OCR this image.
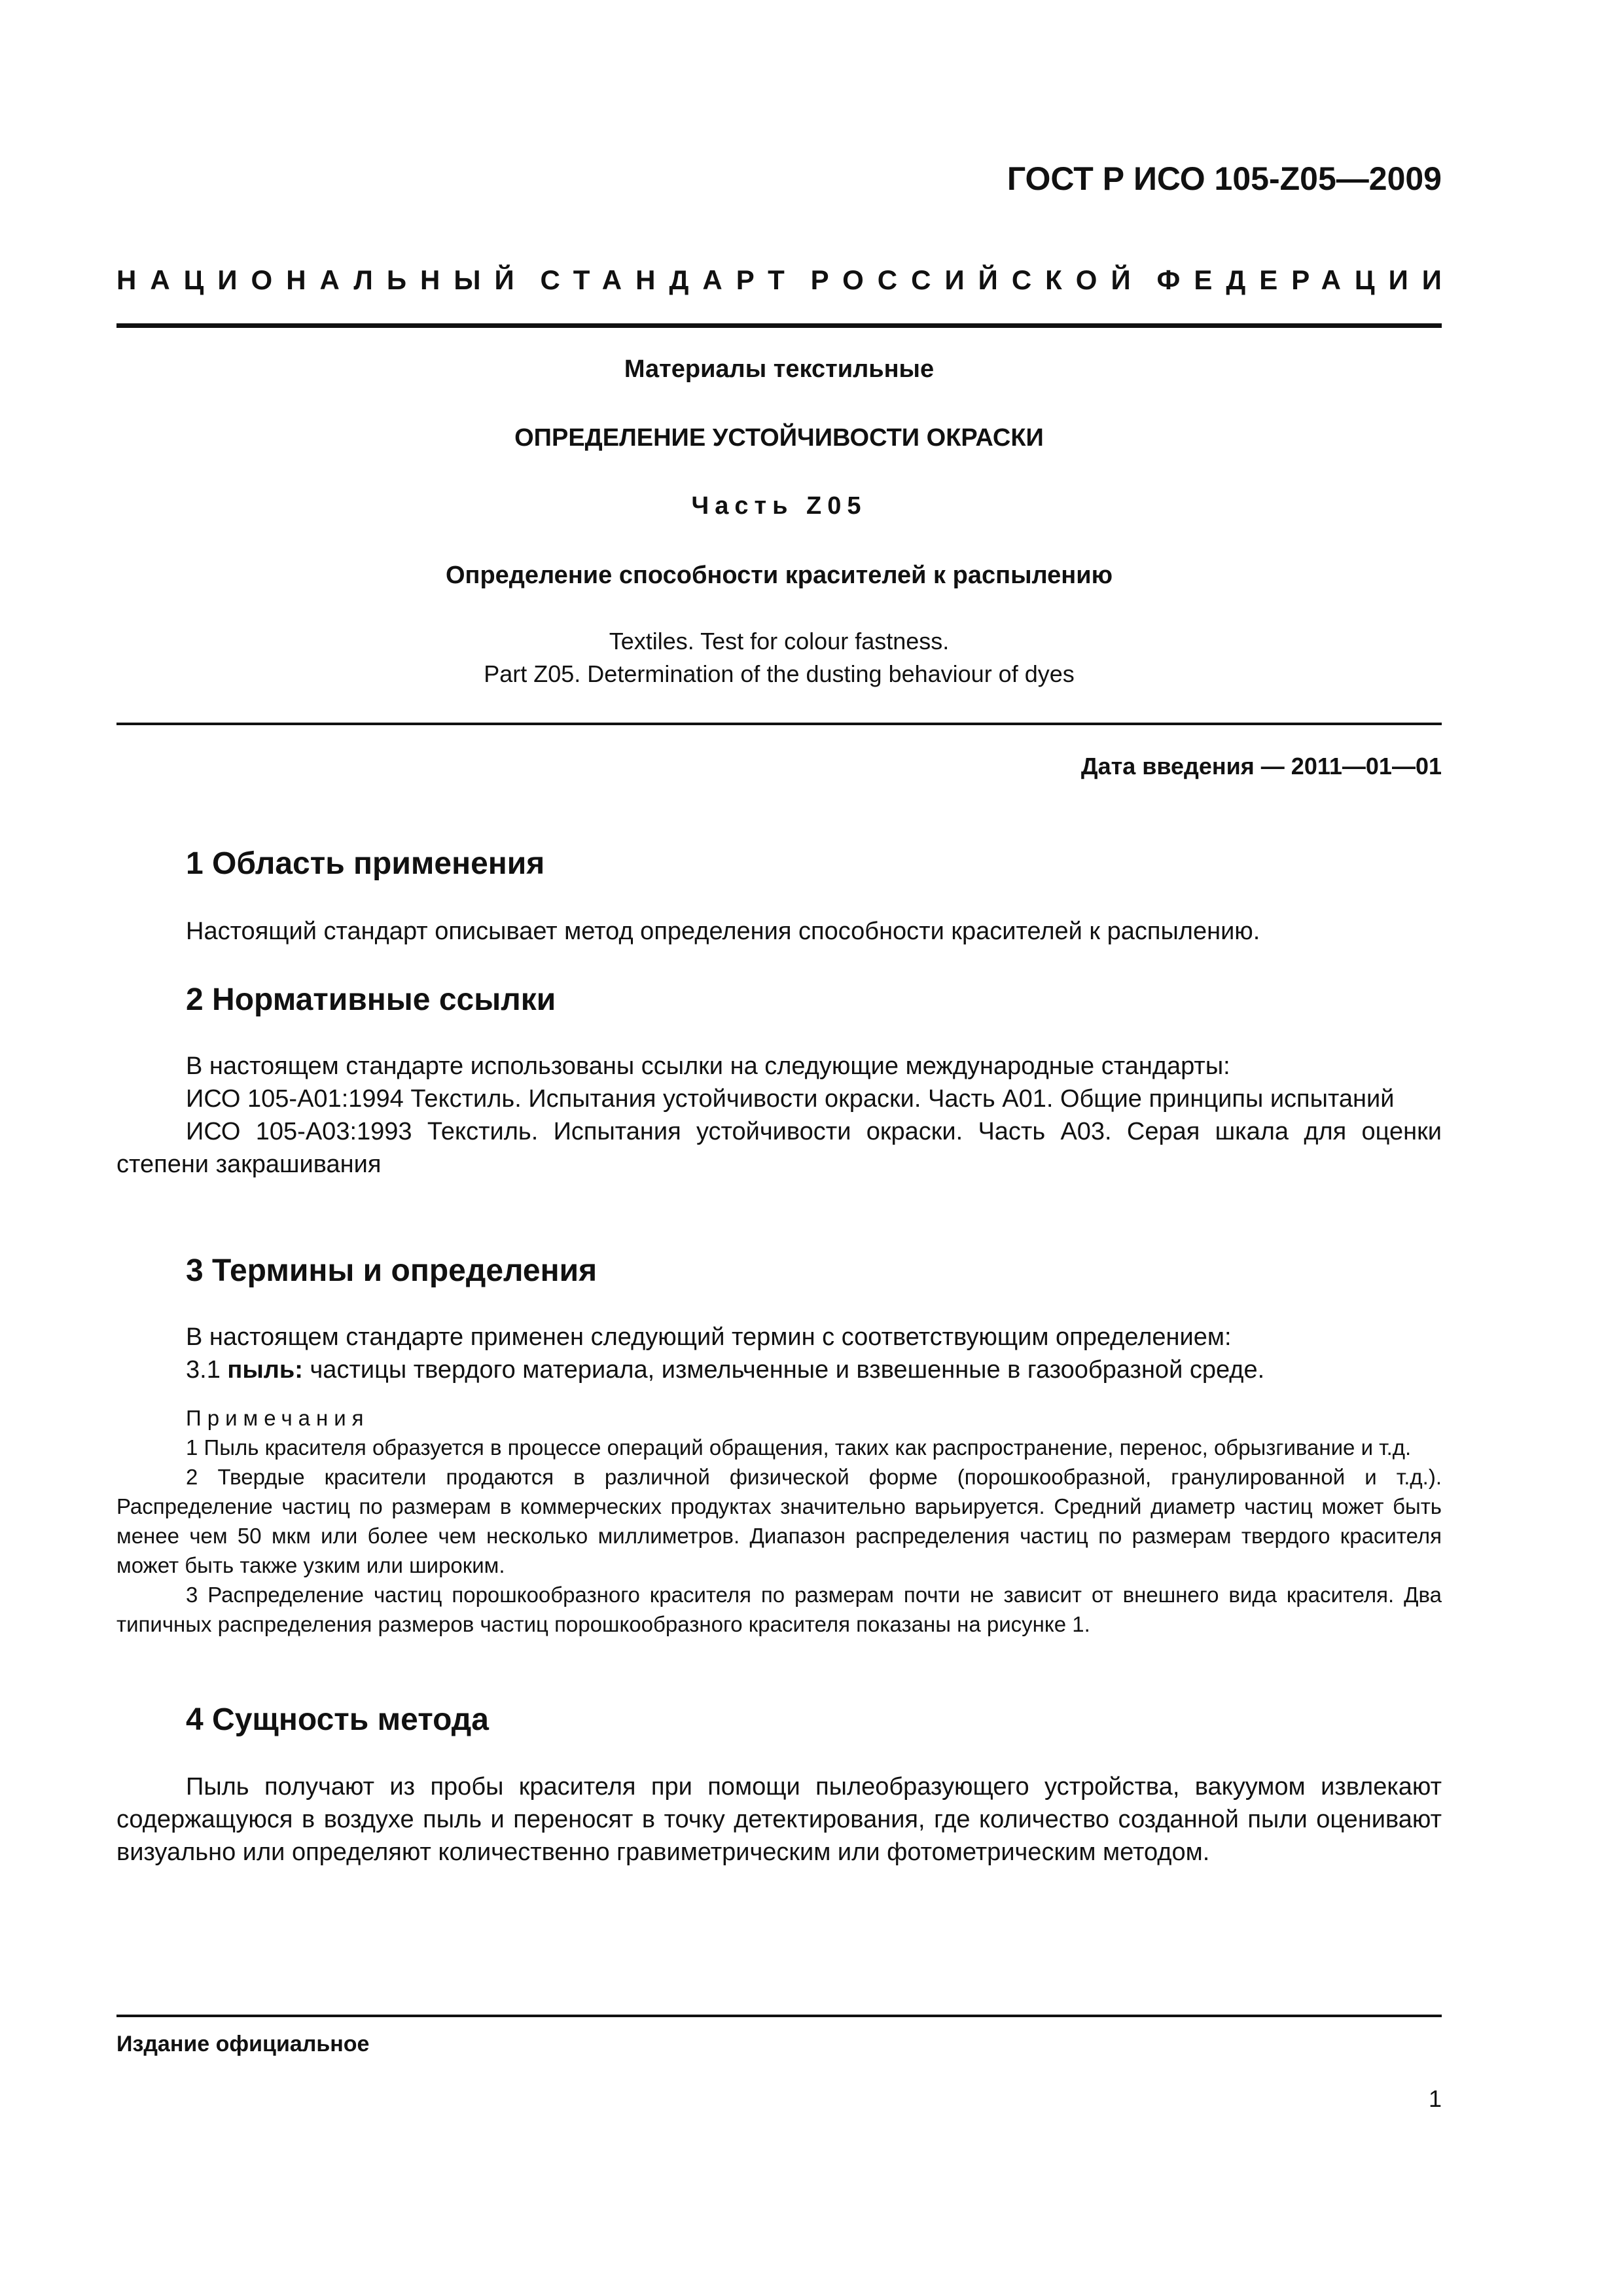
ГОСТ Р ИСО 105-Z05—2009
НАЦИОНАЛЬНЫЙ СТАНДАРТ РОССИЙСКОЙ ФЕДЕРАЦИИ
Материалы текстильные
ОПРЕДЕЛЕНИЕ УСТОЙЧИВОСТИ ОКРАСКИ
Часть Z05
Определение способности красителей к распылению
Textiles. Test for colour fastness.
Part Z05. Determination of the dusting behaviour of dyes
Дата введения — 2011—01—01
1 Область применения

Настоящий стандарт описывает метод определения способности красителей к распылению.

2 Нормативные ссылки

В настоящем стандарте использованы ссылки на следующие международные стандарты:

ИСО 105-А01:1994 Текстиль. Испытания устойчивости окраски. Часть А01. Общие принципы испытаний

ИСО 105-А03:1993 Текстиль. Испытания устойчивости окраски. Часть А03. Серая шкала для оценки степени закрашивания

3 Термины и определения

В настоящем стандарте применен следующий термин с соответствующим определением:

3.1 пыль: частицы твердого материала, измельченные и взвешенные в газообразной среде.

Примечания

1 Пыль красителя образуется в процессе операций обращения, таких как распространение, перенос, обрызгивание и т.д.

2 Твердые красители продаются в различной физической форме (порошкообразной, гранулированной и т.д.). Распределение частиц по размерам в коммерческих продуктах значительно варьируется. Средний диаметр частиц может быть менее чем 50 мкм или более чем несколько миллиметров. Диапазон распределения частиц по размерам твердого красителя может быть также узким или широким.

3 Распределение частиц порошкообразного красителя по размерам почти не зависит от внешнего вида красителя. Два типичных распределения размеров частиц порошкообразного красителя показаны на рисунке 1.

4 Сущность метода

Пыль получают из пробы красителя при помощи пылеобразующего устройства, вакуумом извлекают содержащуюся в воздухе пыль и переносят в точку детектирования, где количество созданной пыли оценивают визуально или определяют количественно гравиметрическим или фотометрическим методом.

Издание официальное
1
